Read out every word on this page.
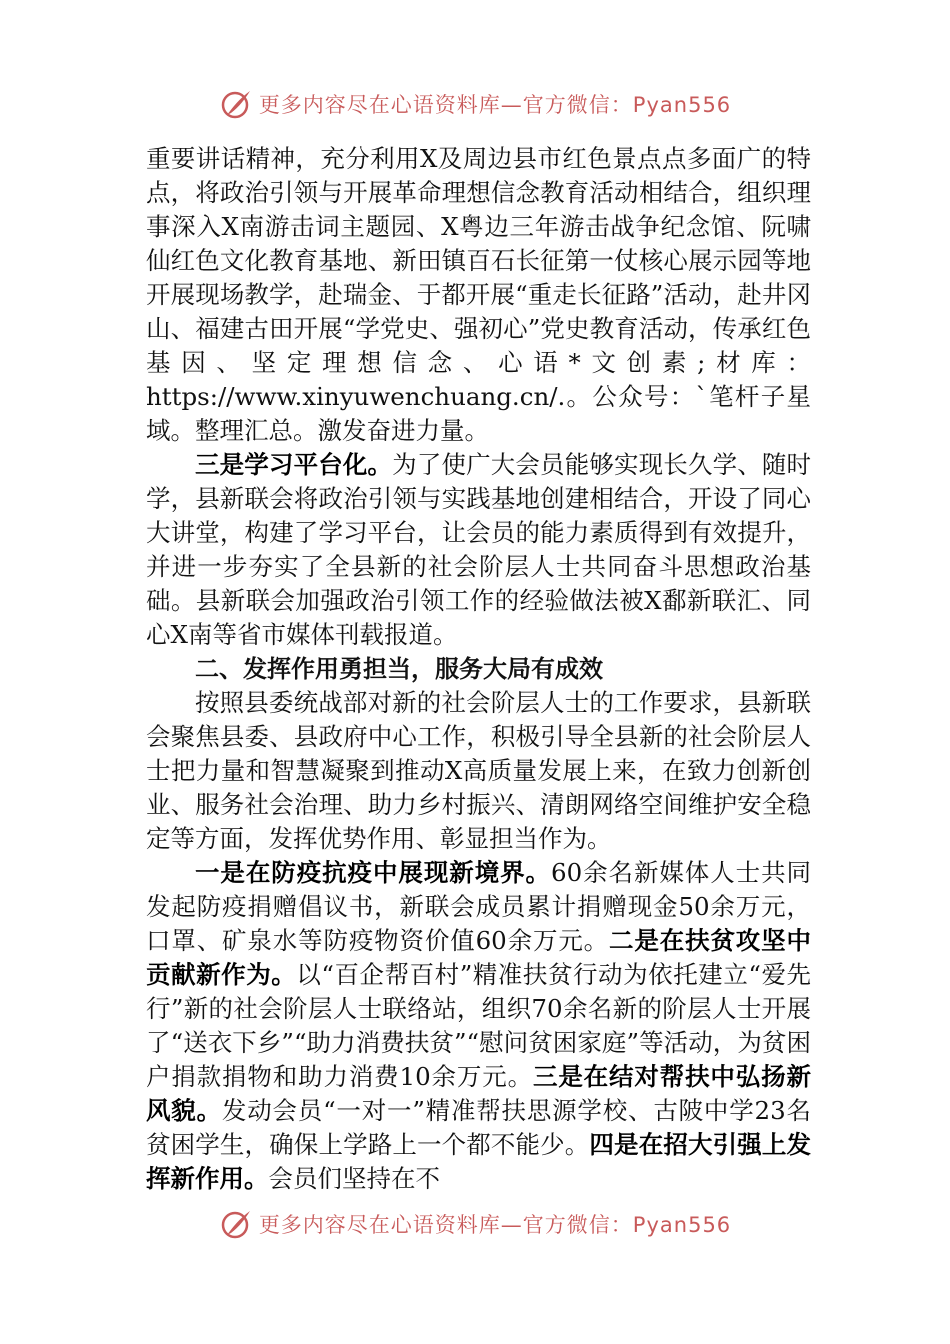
更多内容尽在心语资料库—官方微信：Pyan556

重要讲话精神，充分利用X及周边县市红色景点点多面广的特点，将政治引领与开展革命理想信念教育活动相结合，组织理事深入X南游击词主题园、X粤边三年游击战争纪念馆、阮啸仙红色文化教育基地、新田镇百石长征第一仗核心展示园等地开展现场教学，赴瑞金、于都开展“重走长征路”活动，赴井冈山、福建古田开展“学党史、强初心”党史教育活动，传承红色基因、坚定理想信念、心语*文创素;材库：https://www.xinyuwenchuang.cn/.。公众号：`笔杆子星域。整理汇总。激发奋进力量。

三是学习平台化。为了使广大会员能够实现长久学、随时学，县新联会将政治引领与实践基地创建相结合，开设了同心大讲堂，构建了学习平台，让会员的能力素质得到有效提升，并进一步夯实了全县新的社会阶层人士共同奋斗思想政治基础。县新联会加强政治引领工作的经验做法被X鄱新联汇、同心X南等省市媒体刊载报道。

二、发挥作用勇担当，服务大局有成效

按照县委统战部对新的社会阶层人士的工作要求，县新联会聚焦县委、县政府中心工作，积极引导全县新的社会阶层人士把力量和智慧凝聚到推动X高质量发展上来，在致力创新创业、服务社会治理、助力乡村振兴、清朗网络空间维护安全稳定等方面，发挥优势作用、彰显担当作为。

一是在防疫抗疫中展现新境界。60余名新媒体人士共同发起防疫捐赠倡议书，新联会成员累计捐赠现金50余万元，口罩、矿泉水等防疫物资价值60余万元。二是在扶贫攻坚中贡献新作为。以“百企帮百村”精准扶贫行动为依托建立“爱先行”新的社会阶层人士联络站，组织70余名新的阶层人士开展了“送衣下乡”“助力消费扶贫”“慰问贫困家庭”等活动，为贫困户捐款捐物和助力消费10余万元。三是在结对帮扶中弘扬新风貌。发动会员“一对一”精准帮扶思源学校、古陂中学23名贫困学生，确保上学路上一个都不能少。四是在招大引强上发挥新作用。会员们坚持在不

更多内容尽在心语资料库—官方微信：Pyan556
